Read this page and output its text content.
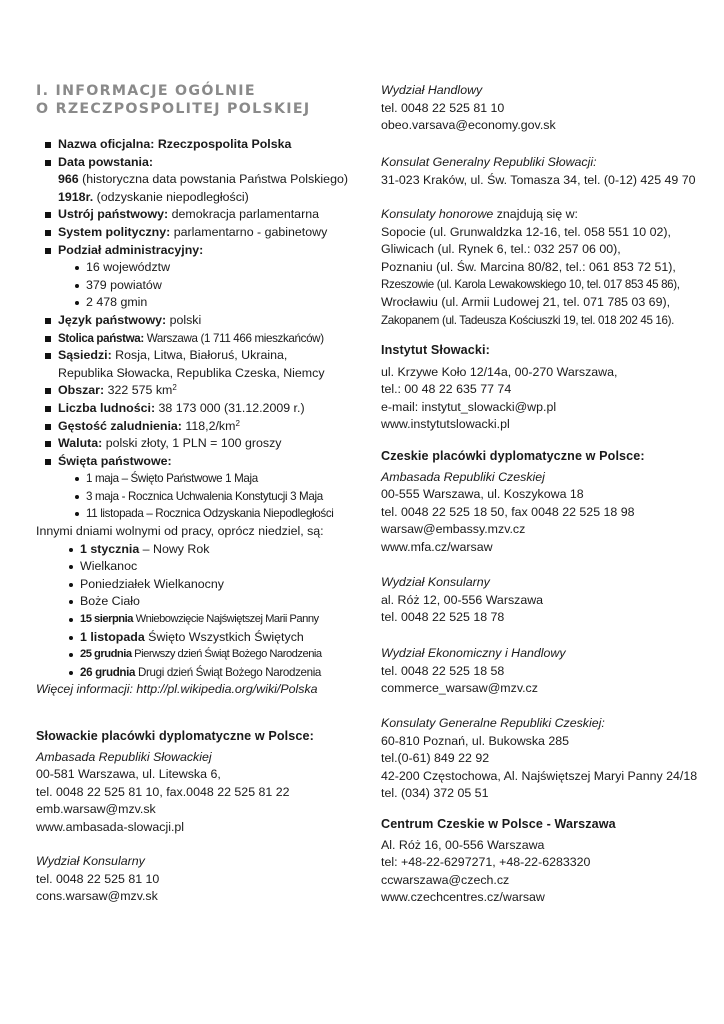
I. INFORMACJE OGÓLNIE
O RZECZPOSPOLITEJ POLSKIEJ
Nazwa oficjalna: Rzeczpospolita Polska
Data powstania:
966 (historyczna data powstania Państwa Polskiego)
1918r. (odzyskanie niepodległości)
Ustrój państwowy: demokracja parlamentarna
System polityczny: parlamentarno - gabinetowy
Podział administracyjny:
16 województw
379 powiatów
2 478 gmin
Język państwowy: polski
Stolica państwa: Warszawa (1 711 466 mieszkańców)
Sąsiedzi: Rosja, Litwa, Białoruś, Ukraina,
Republika Słowacka, Republika Czeska, Niemcy
Obszar: 322 575 $km^2$
Liczba ludności: 38 173 000 (31.12.2009 r.)
Gęstość zaludnienia: $118,2/km^2$
Waluta: polski złoty, 1 PLN = 100 groszy
Święta państwowe:
1 maja – Święto Państwowe 1 Maja
3 maja - Rocznica Uchwalenia Konstytucji 3 Maja
11 listopada – Rocznica Odzyskania Niepodległości
Innymi dniami wolnymi od pracy, oprócz niedziel, są:
1 stycznia – Nowy Rok
Wielkanoc
Poniedziałek Wielkanocny
Boże Ciało
15 sierpnia Wniebowzięcie Najświętszej Marii Panny
1 listopada Święto Wszystkich Świętych
25 grudnia Pierwszy dzień Świąt Bożego Narodzenia
26 grudnia Drugi dzień Świąt Bożego Narodzenia
Więcej informacji: http://pl.wikipedia.org/wiki/Polska
Słowackie placówki dyplomatyczne w Polsce:
Ambasada Republiki Słowackiej
00-581 Warszawa, ul. Litewska 6,
tel. 0048 22 525 81 10, fax.0048 22 525 81 22
emb.warsaw@mzv.sk
www.ambasada-slowacji.pl
Wydział Konsularny
tel. 0048 22 525 81 10
cons.warsaw@mzv.sk
Wydział Handlowy
tel. 0048 22 525 81 10
obeo.varsava@economy.gov.sk
Konsulat Generalny Republiki Słowacji:
31-023 Kraków, ul. Św. Tomasza 34, tel. (0-12) 425 49 70
Konsulaty honorowe znajdują się w:
Sopocie (ul. Grunwaldzka 12-16, tel. 058 551 10 02),
Gliwicach (ul. Rynek 6, tel.: 032 257 06 00),
Poznaniu (ul. Św. Marcina 80/82, tel.: 061 853 72 51),
Rzeszowie (ul. Karola Lewakowskiego 10, tel. 017 853 45 86),
Wrocławiu (ul. Armii Ludowej 21, tel. 071 785 03 69),
Zakopanem (ul. Tadeusza Kościuszki 19, tel. 018 202 45 16).
Instytut Słowacki:
ul. Krzywe Koło 12/14a, 00-270 Warszawa,
tel.: 00 48 22 635 77 74
e-mail: instytut_slowacki@wp.pl
www.instytutslowacki.pl
Czeskie placówki dyplomatyczne w Polsce:
Ambasada Republiki Czeskiej
00-555 Warszawa, ul. Koszykowa 18
tel. 0048 22 525 18 50, fax 0048 22 525 18 98
warsaw@embassy.mzv.cz
www.mfa.cz/warsaw
Wydział Konsularny
al. Róż 12, 00-556 Warszawa
tel. 0048 22 525 18 78
Wydział Ekonomiczny i Handlowy
tel. 0048 22 525 18 58
commerce_warsaw@mzv.cz
Konsulaty Generalne Republiki Czeskiej:
60-810 Poznań, ul. Bukowska 285
tel.(0-61) 849 22 92
42-200 Częstochowa, Al. Najświętszej Maryi Panny 24/18
tel. (034) 372 05 51
Centrum Czeskie w Polsce - Warszawa
Al. Róż 16, 00-556 Warszawa
tel: +48-22-6297271, +48-22-6283320
ccwarszawa@czech.cz
www.czechcentres.cz/warsaw
